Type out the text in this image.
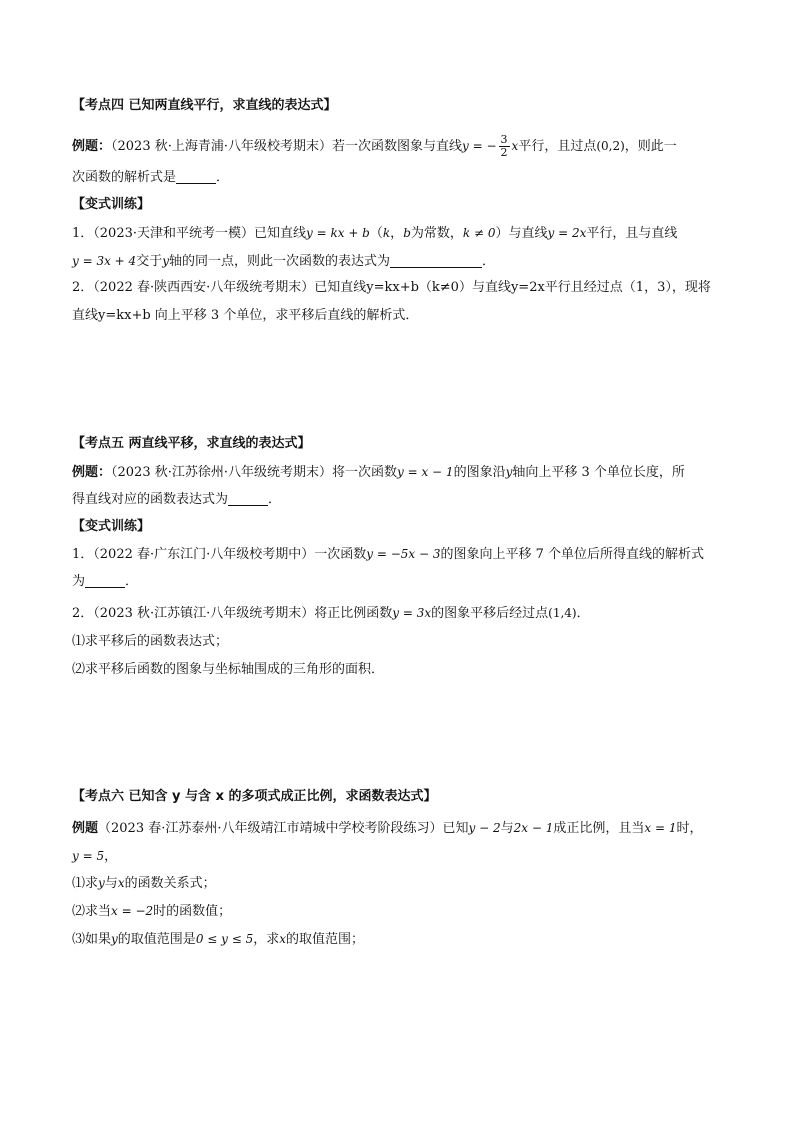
【考点四 已知两直线平行，求直线的表达式】
例题：（2023 秋·上海青浦·八年级校考期末）若一次函数图象与直线y = − $\frac{3}{2}$ x平行，且过点(0,2)，则此一
次函数的解析式是	．
【变式训练】
1．（2023·天津和平统考一模）已知直线y = kx + b（k，b为常数，k ≠ 0）与直线y = 2x平行，且与直线
y = 3x + 4交于y轴的同一点，则此一次函数的表达式为	．
2．（2022 春·陕西西安·八年级统考期末）已知直线y=kx+b（k≠0）与直线y=2x平行且经过点（1，3），现将
直线y=kx+b 向上平移 3 个单位，求平移后直线的解析式．
【考点五 两直线平移，求直线的表达式】
例题：（2023 秋·江苏徐州·八年级统考期末）将一次函数y = x − 1的图象沿y轴向上平移 3 个单位长度，所
得直线对应的函数表达式为	．
【变式训练】
1．（2022 春·广东江门·八年级校考期中）一次函数y = −5x − 3的图象向上平移 7 个单位后所得直线的解析式
为	．
2．（2023 秋·江苏镇江·八年级统考期末）将正比例函数y = 3x的图象平移后经过点(1,4)．
⑴求平移后的函数表达式；
⑵求平移后函数的图象与坐标轴围成的三角形的面积．
【考点六 已知含 y 与含 x 的多项式成正比例，求函数表达式】
例题（2023 春·江苏泰州·八年级靖江市靖城中学校考阶段练习）已知y − 2与2x − 1成正比例，且当x = 1时，
y = 5，
⑴求y与x的函数关系式；
⑵求当x = −2时的函数值；
⑶如果y的取值范围是0 ≤ y ≤ 5，求x的取值范围；
